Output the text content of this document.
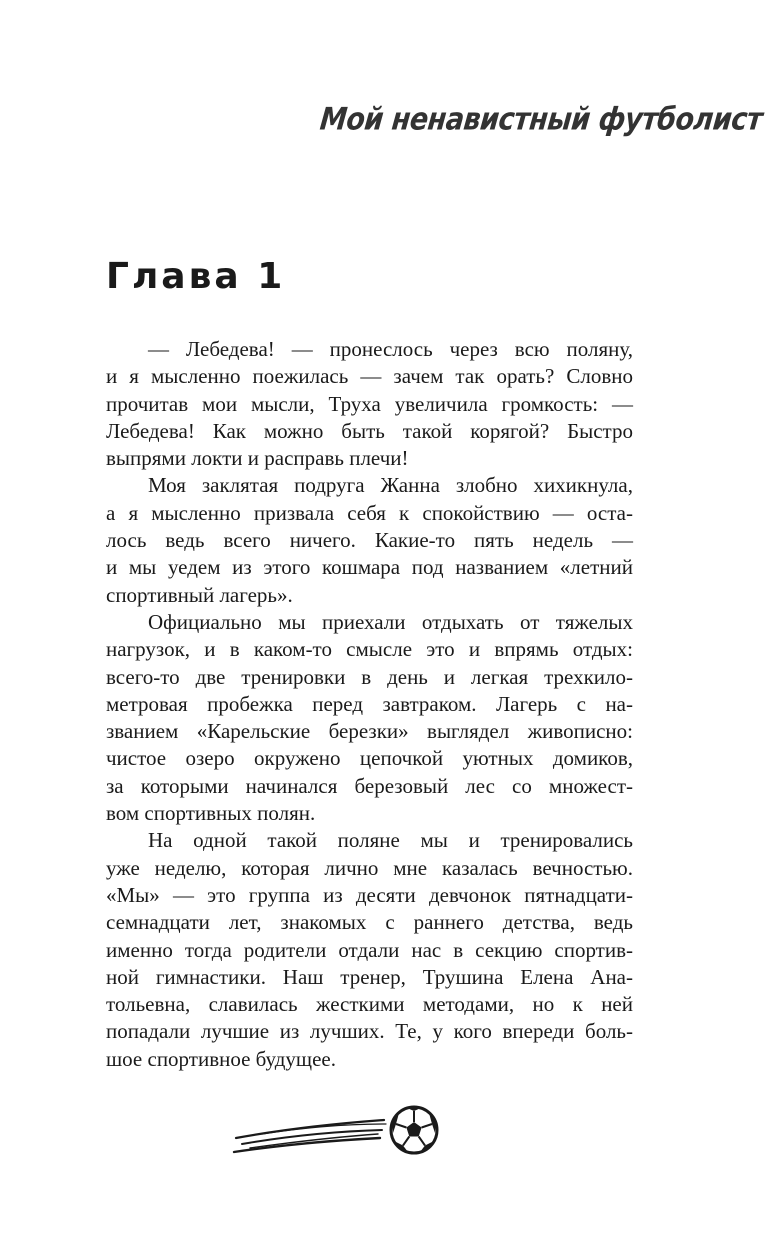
Мой ненавистный футболист
Глава 1
— Лебедева! — пронеслось через всю поляну,
и я мысленно поежилась — зачем так орать? Словно
прочитав мои мысли, Труха увеличила громкость: —
Лебедева! Как можно быть такой корягой? Быстро
выпрями локти и расправь плечи!
Моя заклятая подруга Жанна злобно хихикнула,
а я мысленно призвала себя к спокойствию — оста-
лось ведь всего ничего. Какие-то пять недель —
и мы уедем из этого кошмара под названием «летний
спортивный лагерь».
Официально мы приехали отдыхать от тяжелых
нагрузок, и в каком-то смысле это и впрямь отдых:
всего-то две тренировки в день и легкая трехкило-
метровая пробежка перед завтраком. Лагерь с на-
званием «Карельские березки» выглядел живописно:
чистое озеро окружено цепочкой уютных домиков,
за которыми начинался березовый лес со множест-
вом спортивных полян.
На одной такой поляне мы и тренировались
уже неделю, которая лично мне казалась вечностью.
«Мы» — это группа из десяти девчонок пятнадцати-
семнадцати лет, знакомых с раннего детства, ведь
именно тогда родители отдали нас в секцию спортив-
ной гимнастики. Наш тренер, Трушина Елена Ана-
тольевна, славилась жесткими методами, но к ней
попадали лучшие из лучших. Те, у кого впереди боль-
шое спортивное будущее.
